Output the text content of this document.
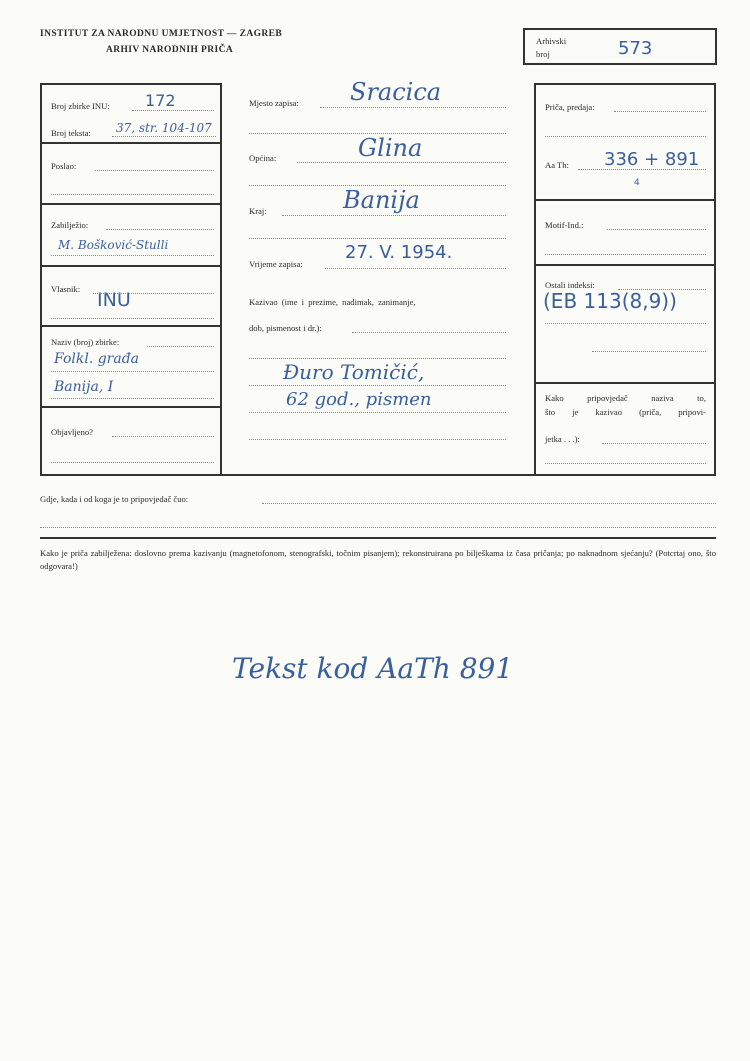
INSTITUT ZA NARODNU UMJETNOST — ZAGREB
ARHIV NARODNIH PRIČA
Arhivski
broj	573
Broj zbirke INU: 172
Broj teksta: 37, str. 104-107
Poslao:
Zabilježio:
M. Bošković-Stulli
Vlasnik: INU
Naziv (broj) zbirke:
Folkl. građa
Banija, I
Objavljeno?
Mjesto zapisa: Sracica
Općina:	Glina
Kraj:	Banija
Vrijeme zapisa:
27. V. 1954.
Kazivao (ime i prezime, nadimak, zanimanje,
dob, pismenost i dr.):
Đuro Tomičić,
62 god., pismen
Priča, predaja:
Aa Th: 336 + 891
4
Motif-Ind.:
Ostali indeksi:
(EB 113(8,9))
Kako pripovjedač naziva to,
što je kazivao (priča, pripovi-
jetka . . .):
Gdje, kada i od koga je to pripovjedač čuo:
Kako je priča zabilježena: doslovno prema kazivanju (magnetofonom, stenografski, točnim pisanjem); rekonstruirana po bilješkama iz časa pričanja; po naknadnom sjećanju? (Potcrtaj ono, što odgovara!)
Tekst kod AaTh 891
